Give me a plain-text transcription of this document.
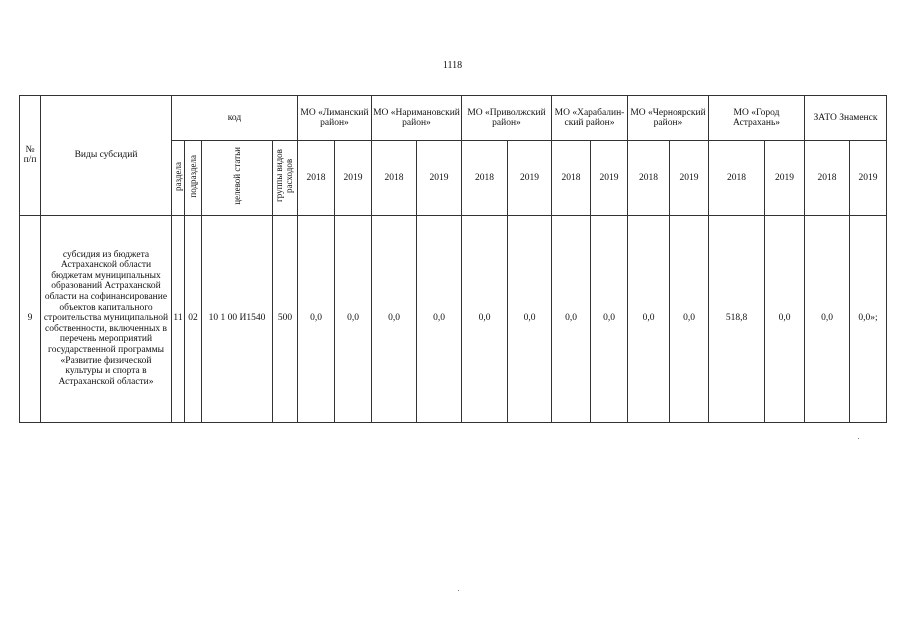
1118
№ п/п	Виды субсидий	код				МО «Лиманский район»		МО «Наримановский район»		МО «Приволжский район»		МО «Харабалин-ский район»		МО «Черноярский район»		МО «Город Астрахань»		ЗАТО Знаменск	
		раздела	подраздела	целевой статьи	группы видов расходов	2018	2019	2018	2019	2018	2019	2018	2019	2018	2019	2018	2019	2018	2019
9	субсидия из бюджета Астраханской области бюджетам муниципальных образований Астраханской области на софинансирование объектов капитального строительства муниципальной собственности, включенных в перечень мероприятий государственной программы «Развитие физической культуры и спорта в Астраханской области»	11	02	10 1 00 И1540	500	0,0	0,0	0,0	0,0	0,0	0,0	0,0	0,0	0,0	0,0	518,8	0,0	0,0	0,0»;
